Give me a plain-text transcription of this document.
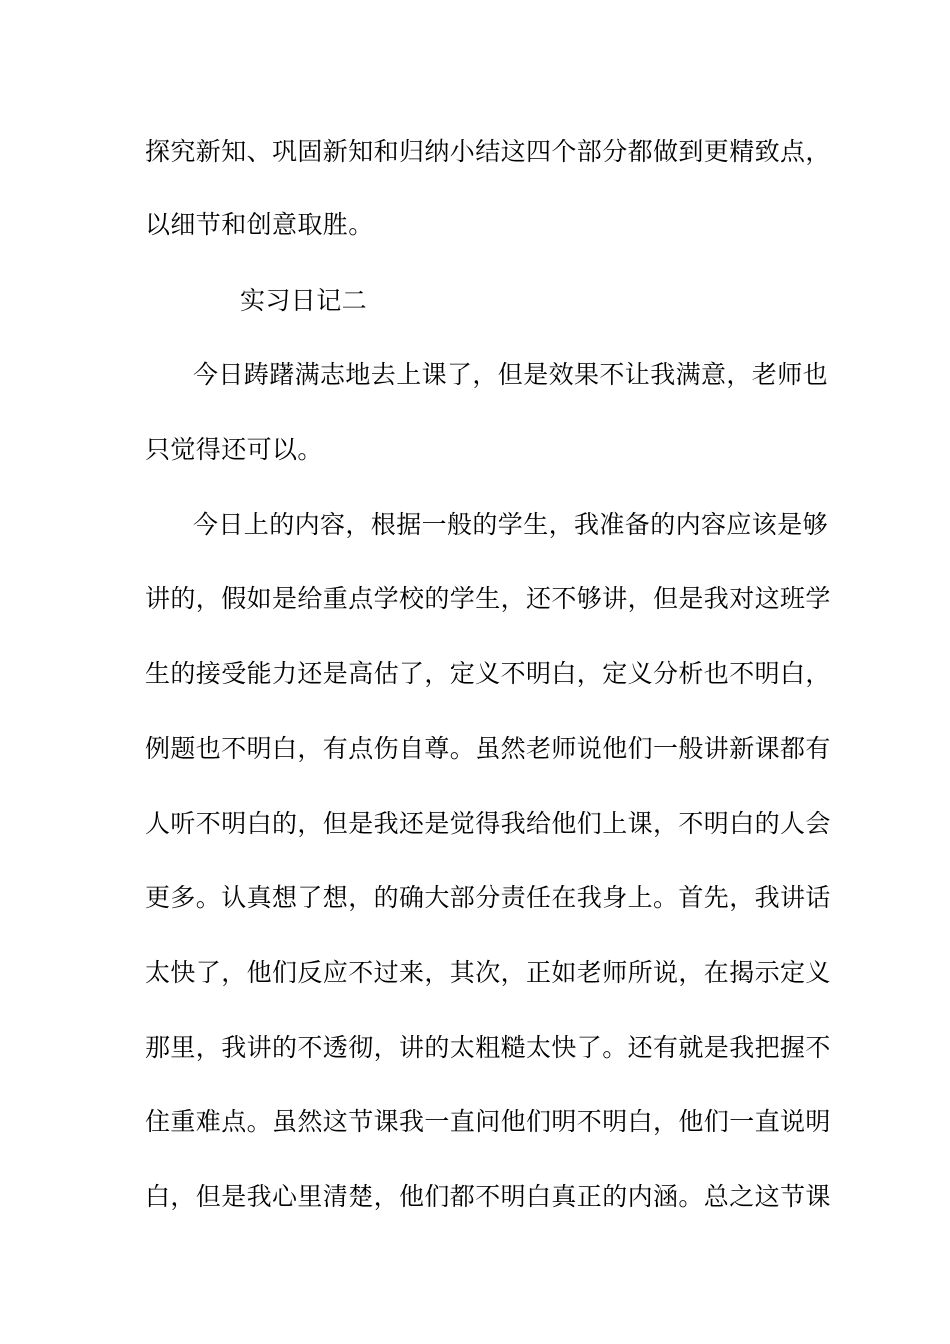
探究新知、巩固新知和归纳小结这四个部分都做到更精致点，
以细节和创意取胜。
实习日记二
今日踌躇满志地去上课了，但是效果不让我满意，老师也
只觉得还可以。
今日上的内容，根据一般的学生，我准备的内容应该是够
讲的，假如是给重点学校的学生，还不够讲，但是我对这班学
生的接受能力还是高估了，定义不明白，定义分析也不明白，
例题也不明白，有点伤自尊。虽然老师说他们一般讲新课都有
人听不明白的，但是我还是觉得我给他们上课，不明白的人会
更多。认真想了想，的确大部分责任在我身上。首先，我讲话
太快了，他们反应不过来，其次，正如老师所说，在揭示定义
那里，我讲的不透彻，讲的太粗糙太快了。还有就是我把握不
住重难点。虽然这节课我一直问他们明不明白，他们一直说明
白，但是我心里清楚，他们都不明白真正的内涵。总之这节课
